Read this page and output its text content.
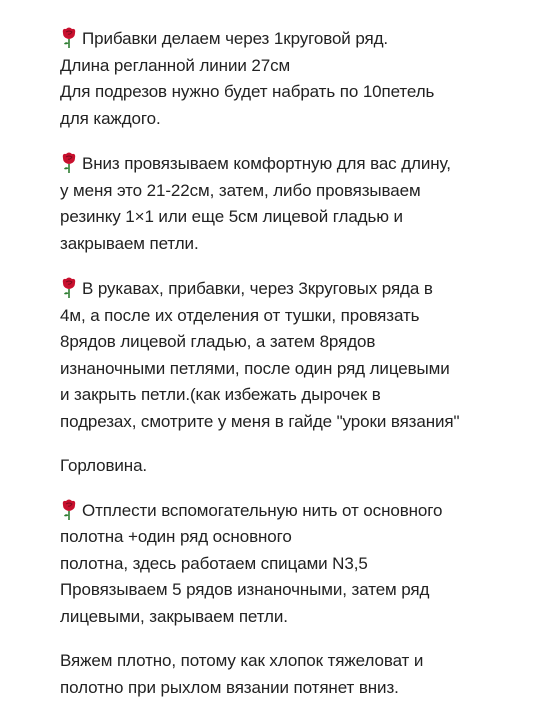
Прибавки делаем через 1круговой ряд.

Длина регланной линии 27см

Для подрезов нужно будет набрать по 10петель

для каждого.

Вниз провязываем комфортную для вас длину,

у меня это 21-22см, затем, либо провязываем

резинку 1×1 или еще 5см лицевой гладью и

закрываем петли.

В рукавах, прибавки, через 3круговых ряда в

4м, а после их отделения от тушки, провязать

8рядов лицевой гладью, а затем 8рядов

изнаночными петлями, после один ряд лицевыми

и закрыть петли.(как избежать дырочек в

подрезах, смотрите у меня в гайде "уроки вязания"

Горловина.

Отплести вспомогательную нить от основного

полотна +один ряд основного

полотна, здесь работаем спицами N3,5

Провязываем 5 рядов изнаночными, затем ряд

лицевыми, закрываем петли.

Вяжем плотно, потому как хлопок тяжеловат и

полотно при рыхлом вязании потянет вниз.
